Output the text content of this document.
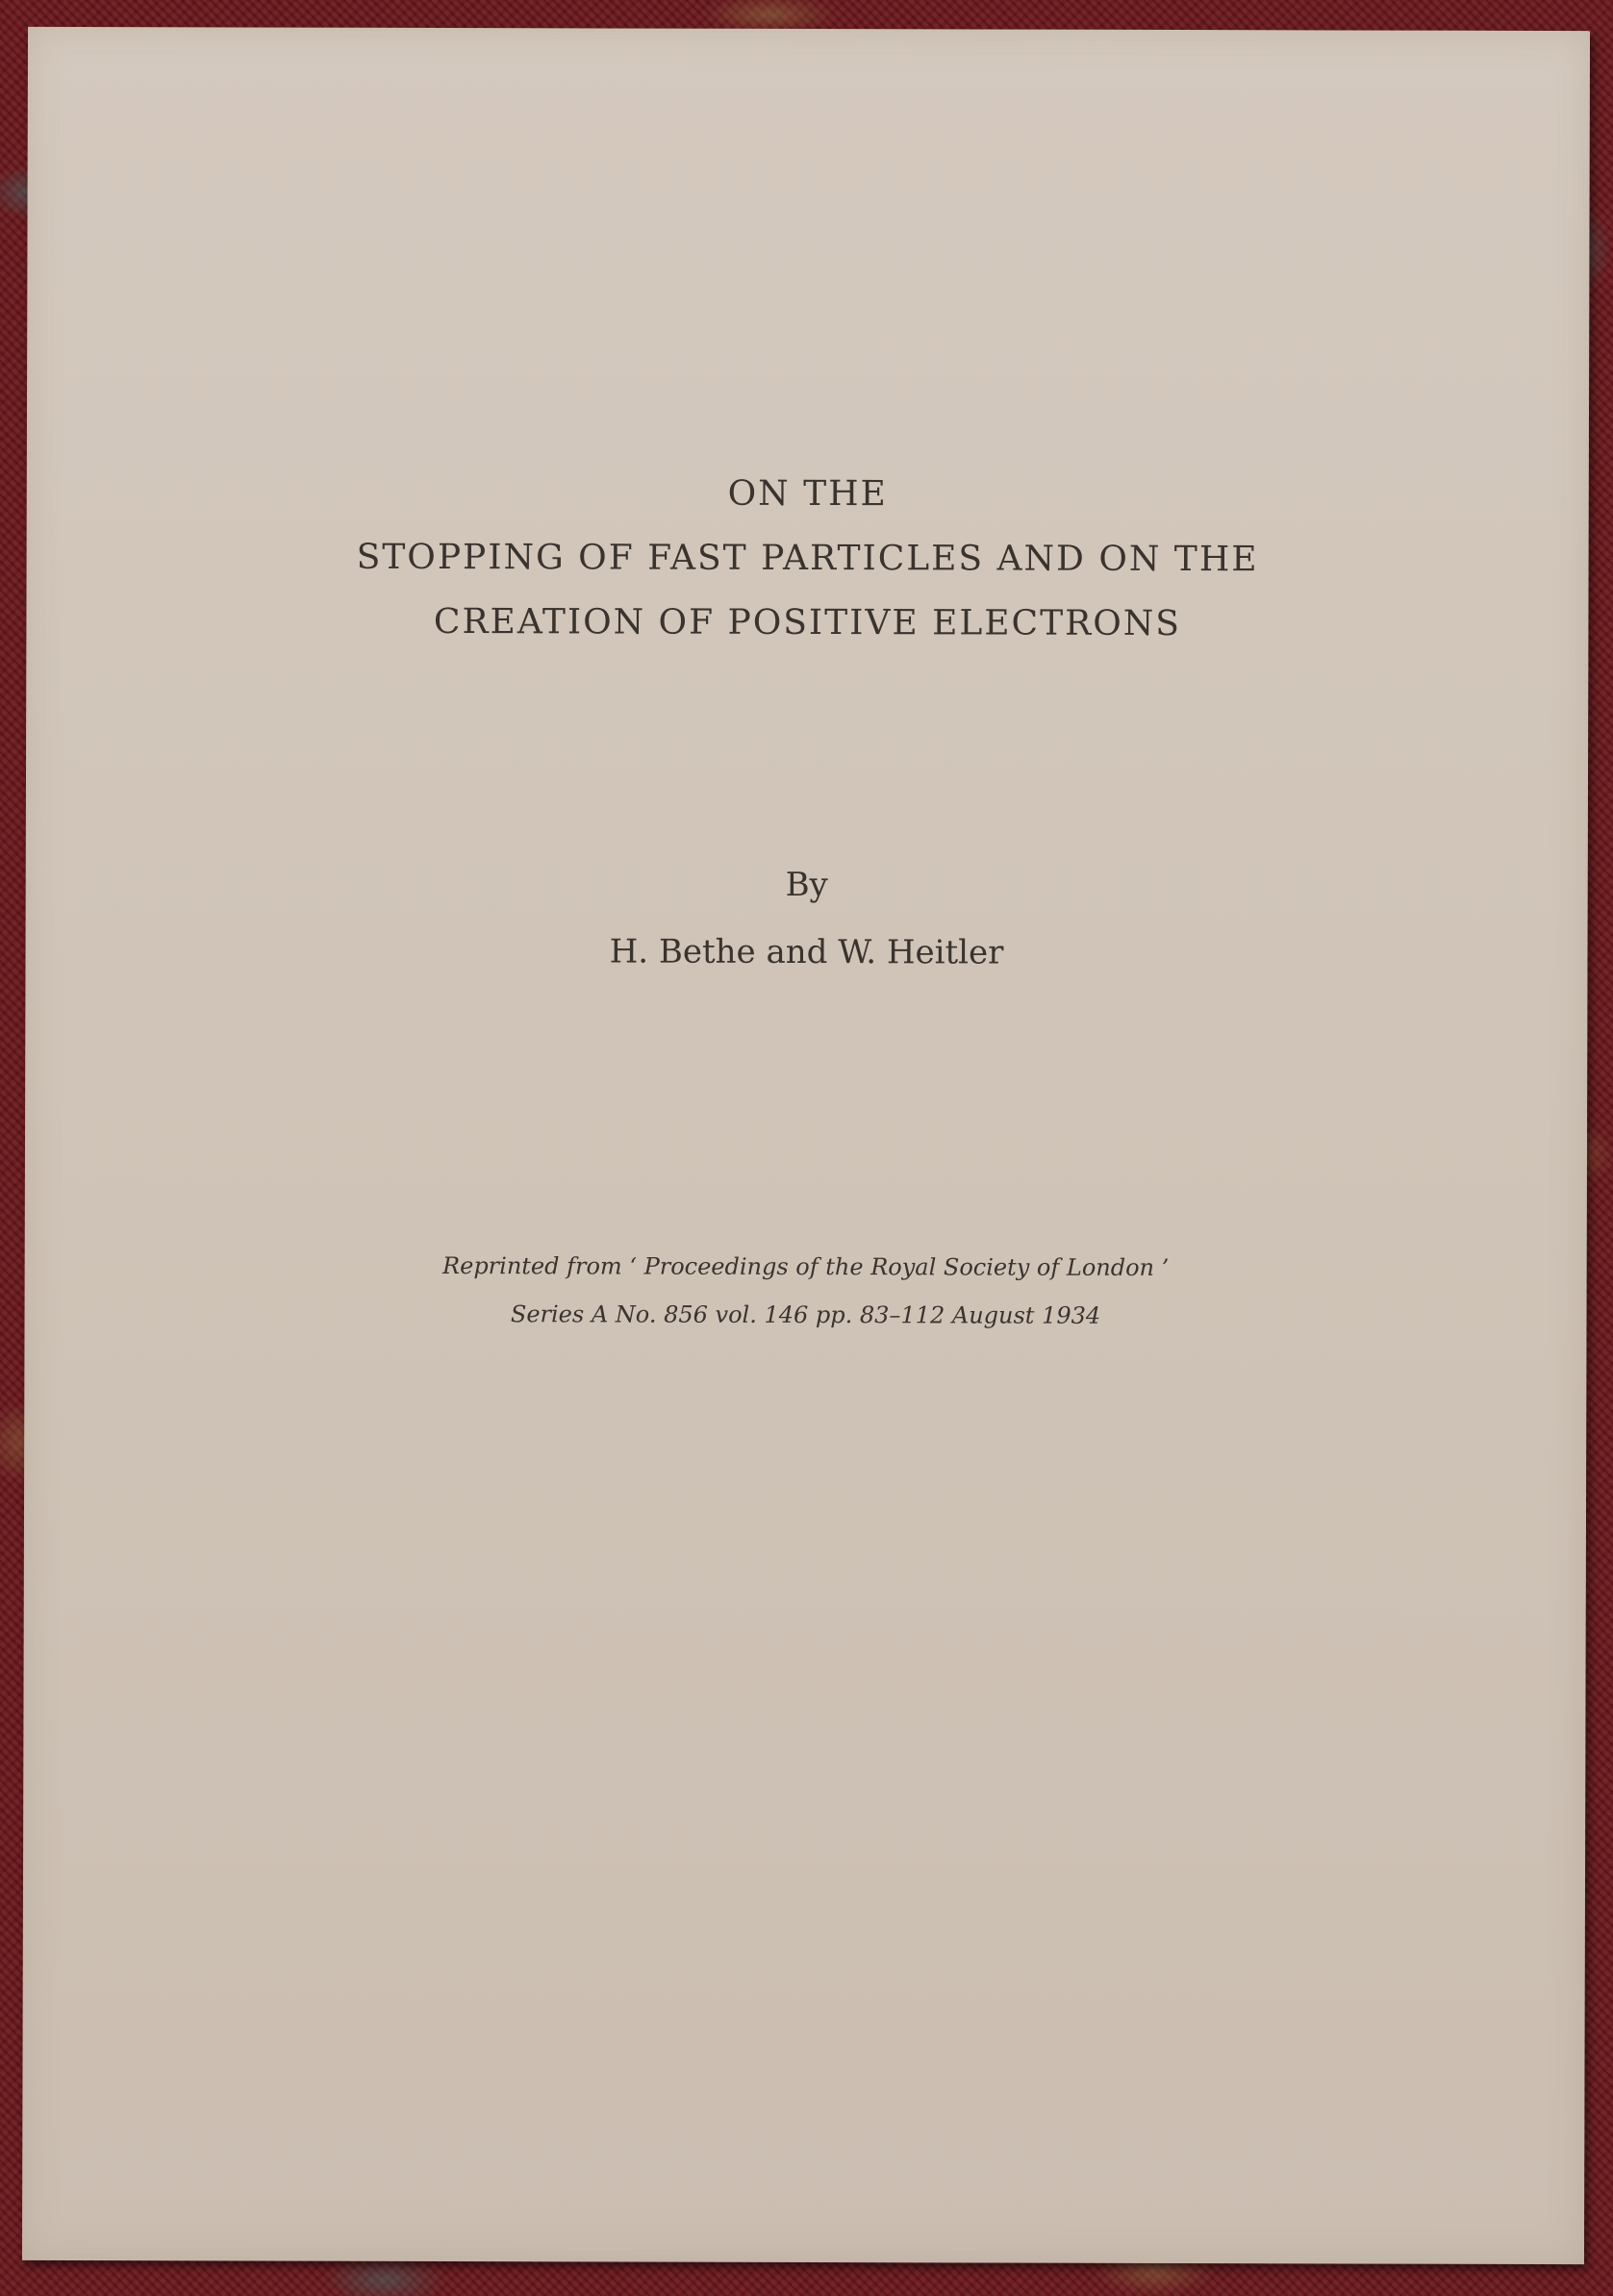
ON THE
STOPPING OF FAST PARTICLES AND ON THE
CREATION OF POSITIVE ELECTRONS
By
H. Bethe and W. Heitler
Reprinted from ‘ Proceedings of the Royal Society of London ’
Series A No. 856 vol. 146 pp. 83–112 August 1934
